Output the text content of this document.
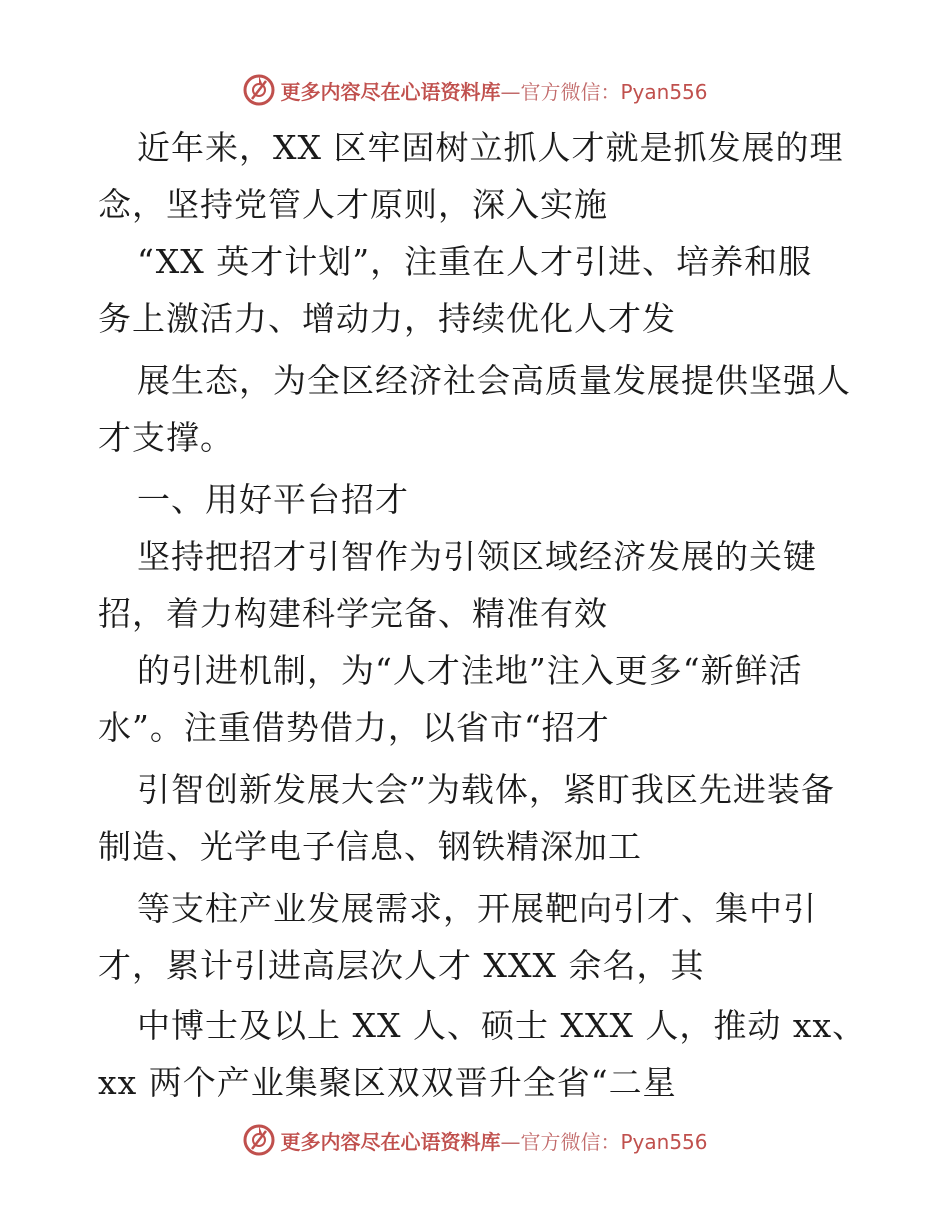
更多内容尽在心语资料库—官方微信：Pyan556
近年来，XX 区牢固树立抓人才就是抓发展的理
念，坚持党管人才原则，深入实施
“XX 英才计划”，注重在人才引进、培养和服
务上激活力、增动力，持续优化人才发
展生态，为全区经济社会高质量发展提供坚强人
才支撑。
一、用好平台招才
坚持把招才引智作为引领区域经济发展的关键
招，着力构建科学完备、精准有效
的引进机制，为“人才洼地”注入更多“新鲜活
水”。注重借势借力，以省市“招才
引智创新发展大会”为载体，紧盯我区先进装备
制造、光学电子信息、钢铁精深加工
等支柱产业发展需求，开展靶向引才、集中引
才，累计引进高层次人才 XXX 余名，其
中博士及以上 XX 人、硕士 XXX 人，推动 xx、
xx 两个产业集聚区双双晋升全省“二星
更多内容尽在心语资料库—官方微信：Pyan556
